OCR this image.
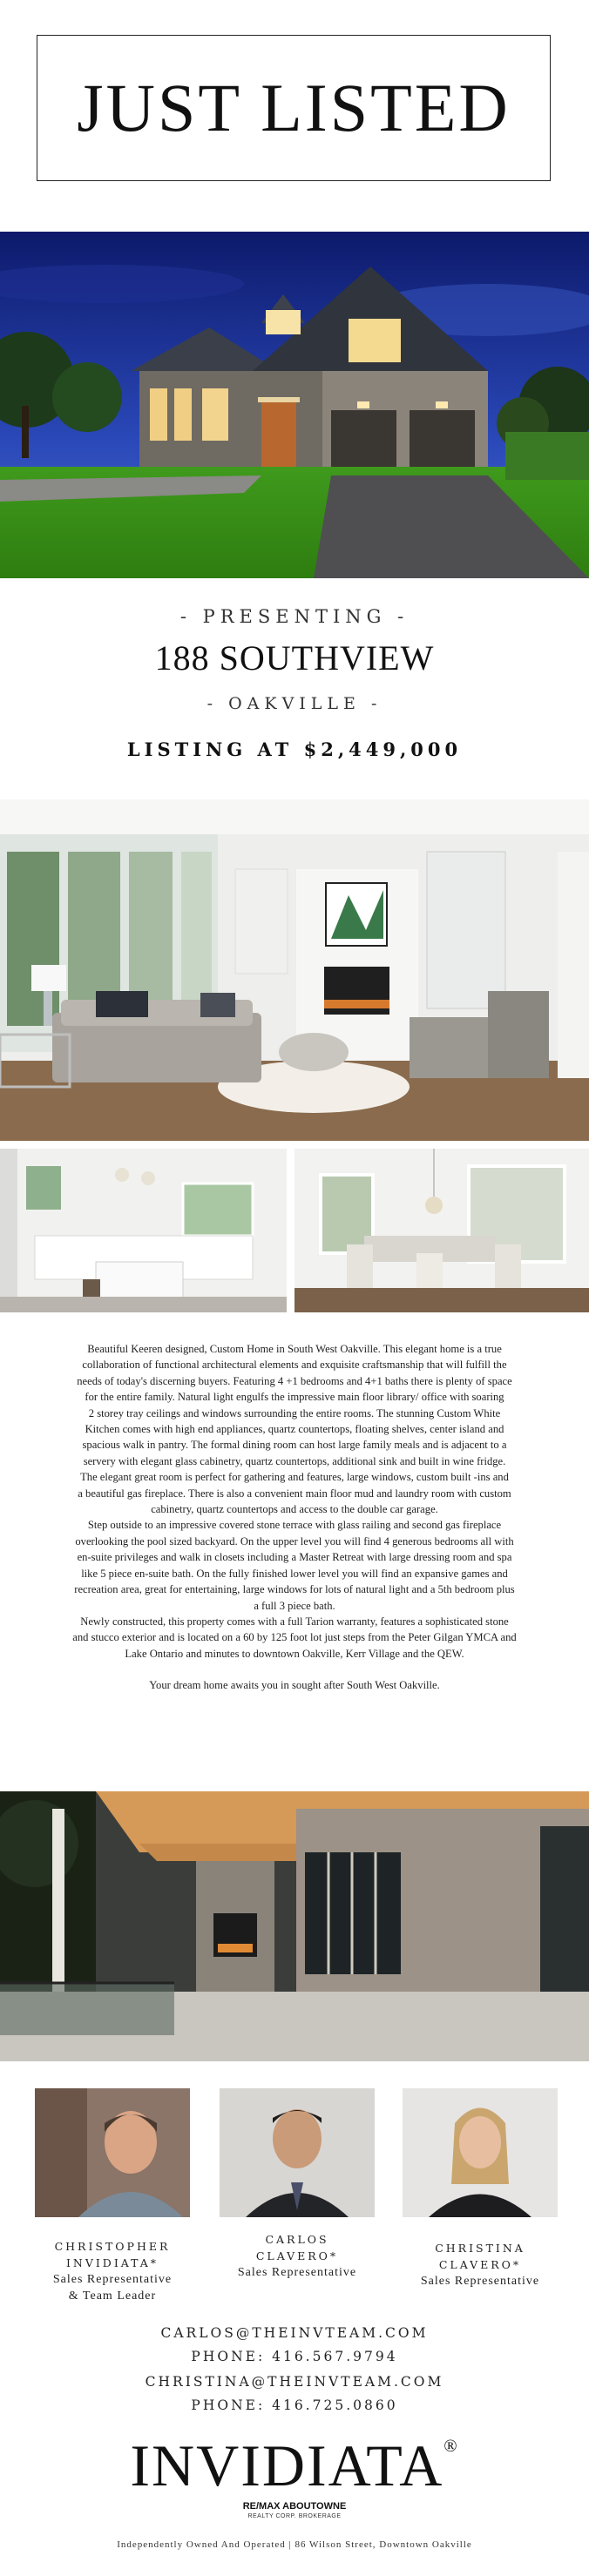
JUST LISTED
- PRESENTING -
188 SOUTHVIEW
- OAKVILLE -
LISTING AT $2,449,000

Beautiful Keeren designed, Custom Home in South West Oakville. This elegant home is a true

collaboration of functional architectural elements and exquisite craftsmanship that will fulfill the

needs of today's discerning buyers. Featuring 4 +1 bedrooms and 4+1 baths there is plenty of space

for the entire family. Natural light engulfs the impressive main floor library/ office with soaring

2 storey tray ceilings and windows surrounding the entire rooms. The stunning Custom White

Kitchen comes with high end appliances, quartz countertops, floating shelves, center island and

spacious walk in pantry. The formal dining room can host large family meals and is adjacent to a

servery with elegant glass cabinetry, quartz countertops, additional sink and built in wine fridge.

The elegant great room is perfect for gathering and features, large windows, custom built -ins and

a beautiful gas fireplace. There is also a convenient main floor mud and laundry room with custom

cabinetry, quartz countertops and access to the double car garage.

Step outside to an impressive covered stone terrace with glass railing and second gas fireplace

overlooking the pool sized backyard. On the upper level you will find 4 generous bedrooms all with

en-suite privileges and walk in closets including a Master Retreat with large dressing room and spa

like 5 piece en-suite bath. On the fully finished lower level you will find an expansive games and

recreation area, great for entertaining, large windows for lots of natural light and a 5th bedroom plus

a full 3 piece bath.

Newly constructed, this property comes with a full Tarion warranty, features a sophisticated stone

and stucco exterior and is located on a 60 by 125 foot lot just steps from the Peter Gilgan YMCA and

Lake Ontario and minutes to downtown Oakville, Kerr Village and the QEW.

Your dream home awaits you in sought after South West Oakville.

CHRISTOPHER
INVIDIATA*
Sales Representative
& Team Leader
CARLOS
CLAVERO*
Sales Representative
CHRISTINA
CLAVERO*
Sales Representative
CARLOS@THEINVTEAM.COM
PHONE: 416.567.9794
CHRISTINA@THEINVTEAM.COM
PHONE: 416.725.0860
INVIDIATA®
RE/MAX ABOUTOWNE
REALTY CORP. BROKERAGE
Independently Owned And Operated | 86 Wilson Street, Downtown Oakville
